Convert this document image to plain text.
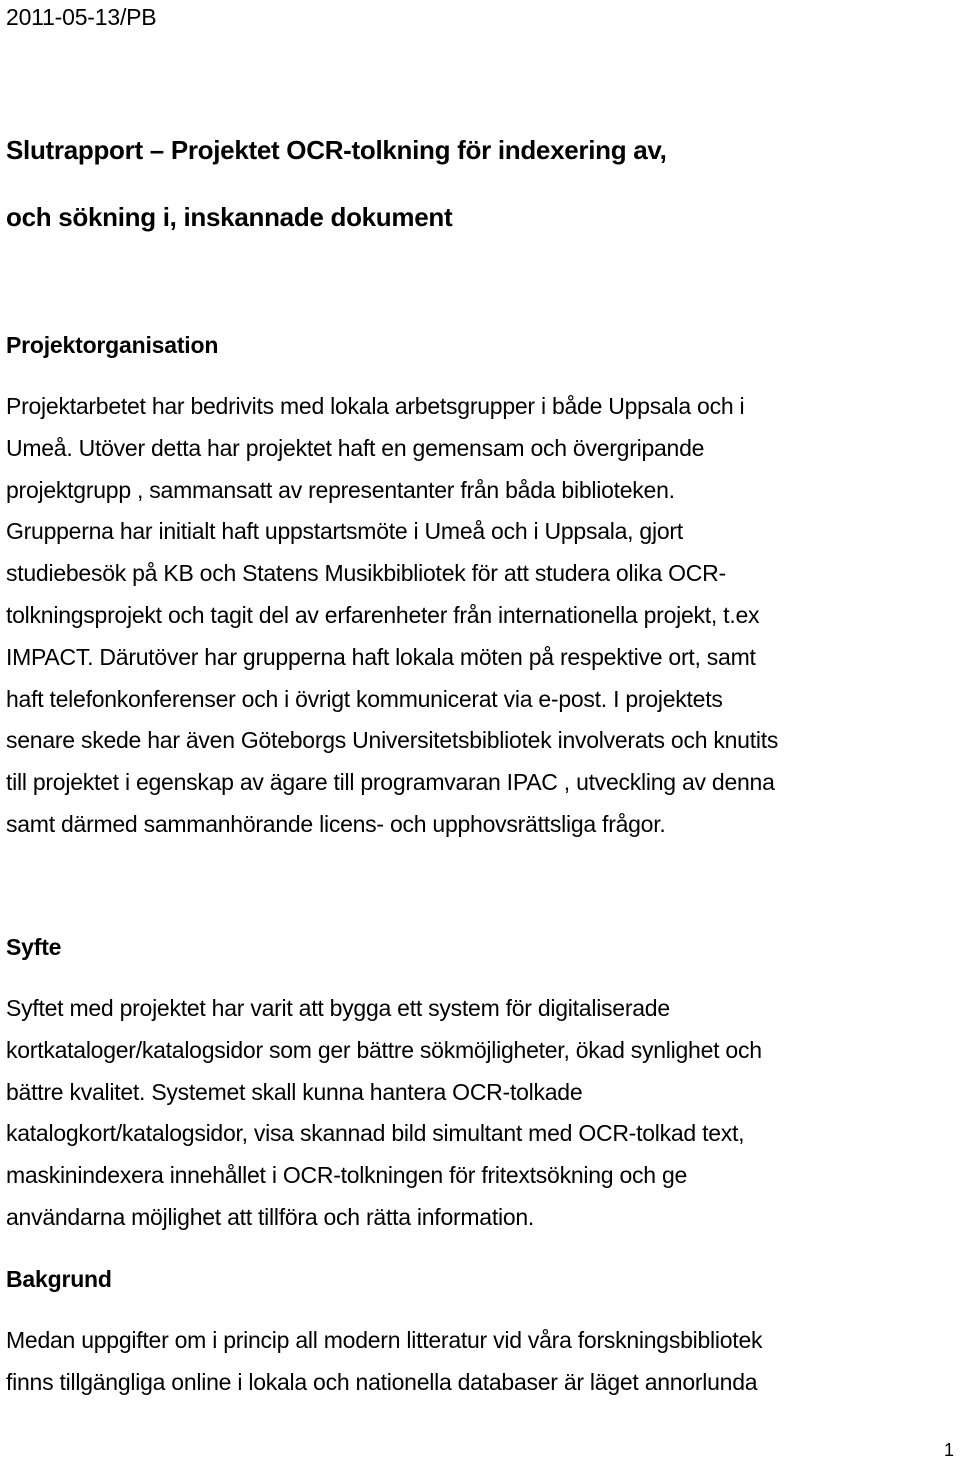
2011-05-13/PB
Slutrapport – Projektet OCR-tolkning för indexering av,
och sökning i, inskannade dokument
Projektorganisation
Projektarbetet har bedrivits med lokala arbetsgrupper i både Uppsala och i
Umeå. Utöver detta har projektet haft en gemensam och övergripande
projektgrupp , sammansatt av representanter från båda biblioteken.
Grupperna har initialt haft uppstartsmöte i Umeå och i Uppsala, gjort
studiebesök på KB och Statens Musikbibliotek för att studera olika OCR-
tolkningsprojekt och tagit del av erfarenheter från internationella projekt, t.ex
IMPACT. Därutöver har grupperna haft lokala möten på respektive ort, samt
haft telefonkonferenser och i övrigt kommunicerat via e-post. I projektets
senare skede har även Göteborgs Universitetsbibliotek involverats och knutits
till projektet i egenskap av ägare till programvaran IPAC , utveckling av denna
samt därmed sammanhörande licens- och upphovsrättsliga frågor.
Syfte
Syftet med projektet har varit att bygga ett system för digitaliserade
kortkataloger/katalogsidor som ger bättre sökmöjligheter, ökad synlighet och
bättre kvalitet. Systemet skall kunna hantera OCR-tolkade
katalogkort/katalogsidor, visa skannad bild simultant med OCR-tolkad text,
maskinindexera innehållet i OCR-tolkningen för fritextsökning och ge
användarna möjlighet att tillföra och rätta information.
Bakgrund
Medan uppgifter om i princip all modern litteratur vid våra forskningsbibliotek
finns tillgängliga online i lokala och nationella databaser är läget annorlunda
1
